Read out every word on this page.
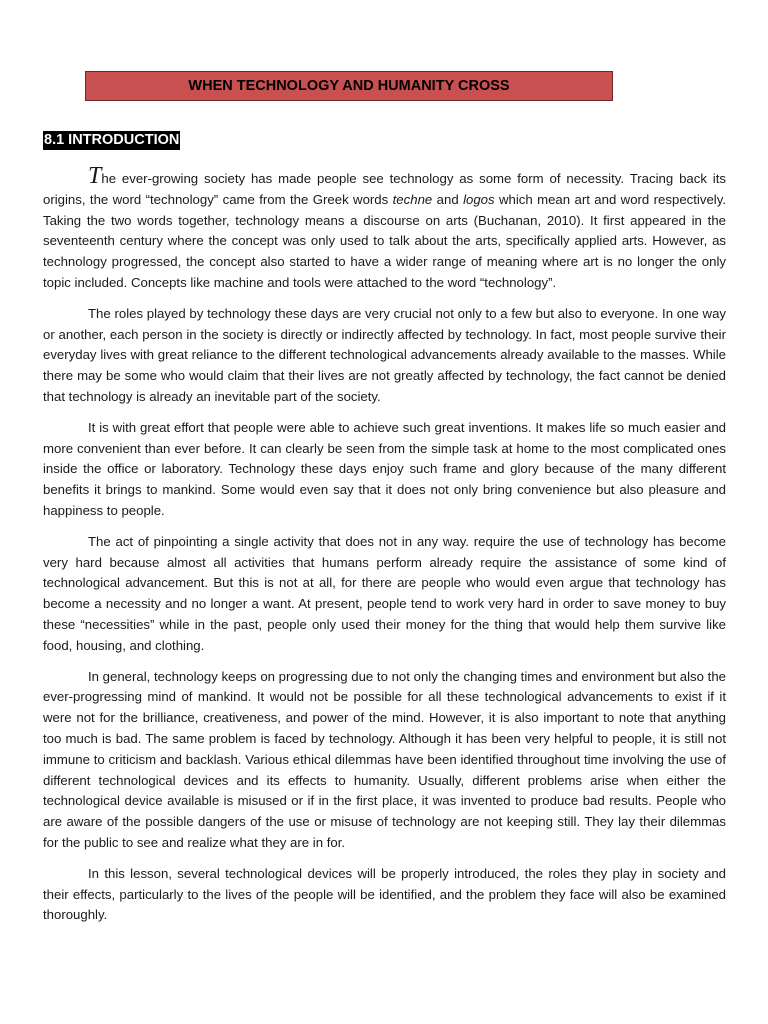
WHEN TECHNOLOGY AND HUMANITY CROSS
8.1 INTRODUCTION

The ever-growing society has made people see technology as some form of necessity. Tracing back its origins, the word “technology” came from the Greek words techne and logos which mean art and word respectively. Taking the two words together, technology means a discourse on arts (Buchanan, 2010). It first appeared in the seventeenth century where the concept was only used to talk about the arts, specifically applied arts. However, as technology progressed, the concept also started to have a wider range of meaning where art is no longer the only topic included. Concepts like machine and tools were attached to the word “technology”.

The roles played by technology these days are very crucial not only to a few but also to everyone. In one way or another, each person in the society is directly or indirectly affected by technology. In fact, most people survive their everyday lives with great reliance to the different technological advancements already available to the masses. While there may be some who would claim that their lives are not greatly affected by technology, the fact cannot be denied that technology is already an inevitable part of the society.

It is with great effort that people were able to achieve such great inventions. It makes life so much easier and more convenient than ever before. It can clearly be seen from the simple task at home to the most complicated ones inside the office or laboratory. Technology these days enjoy such frame and glory because of the many different benefits it brings to mankind. Some would even say that it does not only bring convenience but also pleasure and happiness to people.

The act of pinpointing a single activity that does not in any way. require the use of technology has become very hard because almost all activities that humans perform already require the assistance of some kind of technological advancement. But this is not at all, for there are people who would even argue that technology has become a necessity and no longer a want. At present, people tend to work very hard in order to save money to buy these “necessities” while in the past, people only used their money for the thing that would help them survive like food, housing, and clothing.

In general, technology keeps on progressing due to not only the changing times and environment but also the ever-progressing mind of mankind. It would not be possible for all these technological advancements to exist if it were not for the brilliance, creativeness, and power of the mind. However, it is also important to note that anything too much is bad. The same problem is faced by technology. Although it has been very helpful to people, it is still not immune to criticism and backlash. Various ethical dilemmas have been identified throughout time involving the use of different technological devices and its effects to humanity. Usually, different problems arise when either the technological device available is misused or if in the first place, it was invented to produce bad results. People who are aware of the possible dangers of the use or misuse of technology are not keeping still. They lay their dilemmas for the public to see and realize what they are in for.

In this lesson, several technological devices will be properly introduced, the roles they play in society and their effects, particularly to the lives of the people will be identified, and the problem they face will also be examined thoroughly.
